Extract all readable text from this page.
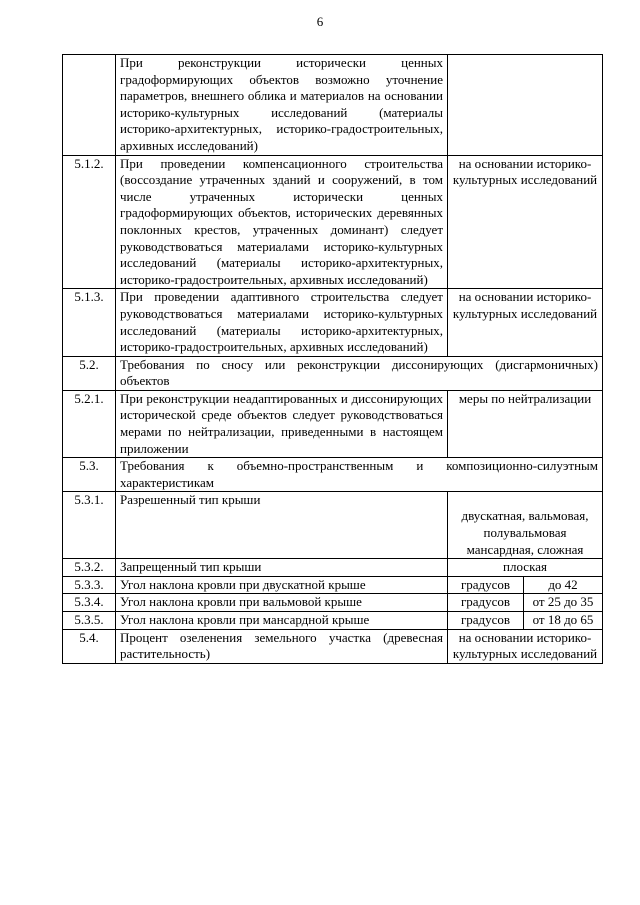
6
	При реконструкции исторически ценных градоформирующих объектов возможно уточнение параметров, внешнего облика и материалов на основании историко-культурных исследований (материалы историко-архитектурных, историко-градостроительных, архивных исследований)		
5.1.2.	При проведении компенсационного строительства (воссоздание утраченных зданий и сооружений, в том числе утраченных исторически ценных градоформирующих объектов, исторических деревянных поклонных крестов, утраченных доминант) следует руководствоваться материалами историко-культурных исследований (материалы историко-архитектурных, историко-градостроительных, архивных исследований)	на основании историко-культурных исследований	
5.1.3.	При проведении адаптивного строительства следует руководствоваться материалами историко-культурных исследований (материалы историко-архитектурных, историко-градостроительных, архивных исследований)	на основании историко-культурных исследований	
5.2.	Требования по сносу или реконструкции диссонирующих (дисгармоничных) объектов		
5.2.1.	При реконструкции неадаптированных и диссонирующих исторической среде объектов следует руководствоваться мерами по нейтрализации, приведенными в настоящем приложении	меры по нейтрализации	
5.3.	Требования к объемно-пространственным и композиционно-силуэтным характеристикам		
5.3.1.	Разрешенный тип крыши	двускатная, вальмовая, полувальмовая мансардная, сложная	
5.3.2.	Запрещенный тип крыши	плоская	
5.3.3.	Угол наклона кровли при двускатной крыше	градусов	до 42
5.3.4.	Угол наклона кровли при вальмовой крыше	градусов	от 25 до 35
5.3.5.	Угол наклона кровли при мансардной крыше	градусов	от 18 до 65
5.4.	Процент озеленения земельного участка (древесная растительность)	на основании историко-культурных исследований	
